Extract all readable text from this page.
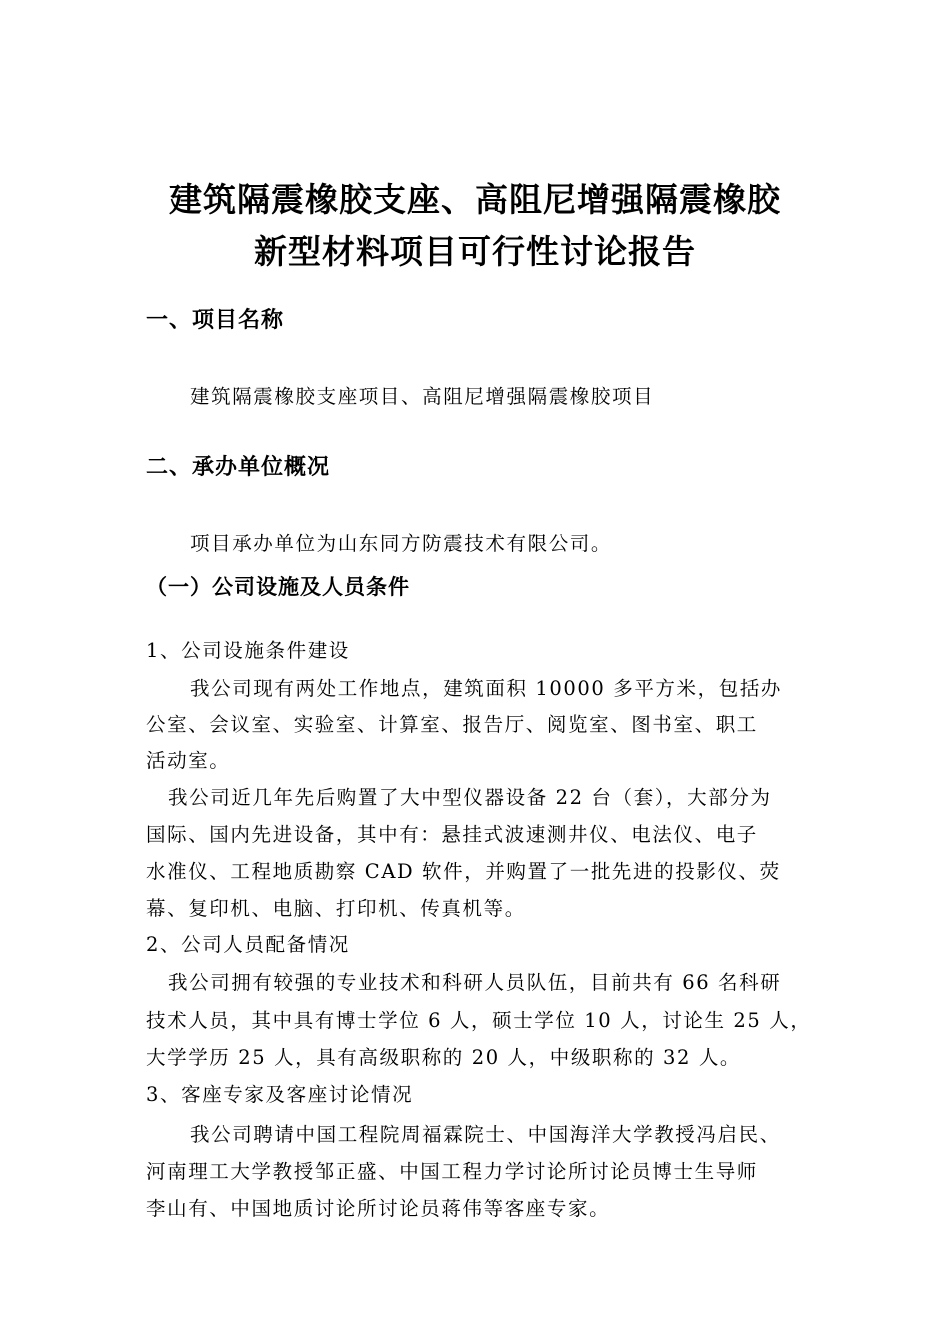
建筑隔震橡胶支座、高阻尼增强隔震橡胶
新型材料项目可行性讨论报告
一、项目名称
建筑隔震橡胶支座项目、高阻尼增强隔震橡胶项目
二、承办单位概况
项目承办单位为山东同方防震技术有限公司。
（一）公司设施及人员条件
1、公司设施条件建设
我公司现有两处工作地点，建筑面积 10000 多平方米，包括办
公室、会议室、实验室、计算室、报告厅、阅览室、图书室、职工
活动室。
我公司近几年先后购置了大中型仪器设备 22 台（套），大部分为
国际、国内先进设备，其中有：悬挂式波速测井仪、电法仪、电子
水准仪、工程地质勘察 CAD 软件，并购置了一批先进的投影仪、荧
幕、复印机、电脑、打印机、传真机等。
2、公司人员配备情况
我公司拥有较强的专业技术和科研人员队伍，目前共有 66 名科研
技术人员，其中具有博士学位 6 人，硕士学位 10 人，讨论生 25 人，
大学学历 25 人，具有高级职称的 20 人，中级职称的 32 人。
3、客座专家及客座讨论情况
我公司聘请中国工程院周福霖院士、中国海洋大学教授冯启民、
河南理工大学教授邹正盛、中国工程力学讨论所讨论员博士生导师
李山有、中国地质讨论所讨论员蒋伟等客座专家。
